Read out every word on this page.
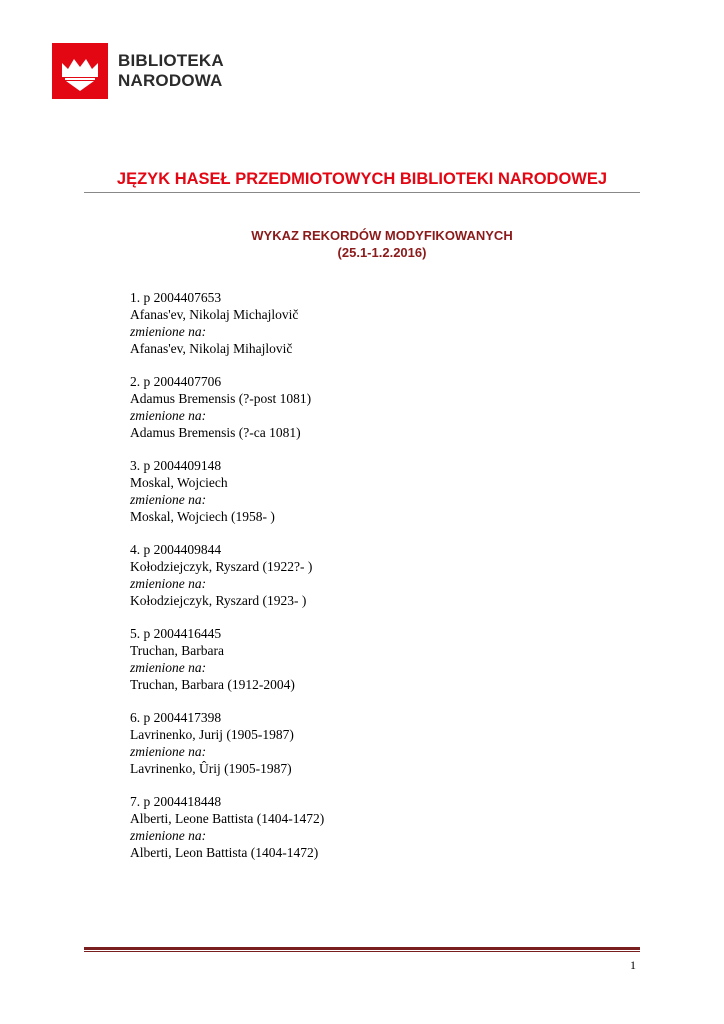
BIBLIOTEKA
NARODOWA
JĘZYK HASEŁ PRZEDMIOTOWYCH BIBLIOTEKI NARODOWEJ
WYKAZ REKORDÓW MODYFIKOWANYCH
(25.1-1.2.2016)
1. p 2004407653
Afanas'ev, Nikolaj Michajlovič
zmienione na:
Afanas'ev, Nikolaj Mihajlovič
2. p 2004407706
Adamus Bremensis (?-post 1081)
zmienione na:
Adamus Bremensis (?-ca 1081)
3. p 2004409148
Moskal, Wojciech
zmienione na:
Moskal, Wojciech (1958- )
4. p 2004409844
Kołodziejczyk, Ryszard (1922?- )
zmienione na:
Kołodziejczyk, Ryszard (1923- )
5. p 2004416445
Truchan, Barbara
zmienione na:
Truchan, Barbara (1912-2004)
6. p 2004417398
Lavrinenko, Jurij (1905-1987)
zmienione na:
Lavrinenko, Ûrij (1905-1987)
7. p 2004418448
Alberti, Leone Battista (1404-1472)
zmienione na:
Alberti, Leon Battista (1404-1472)
1
